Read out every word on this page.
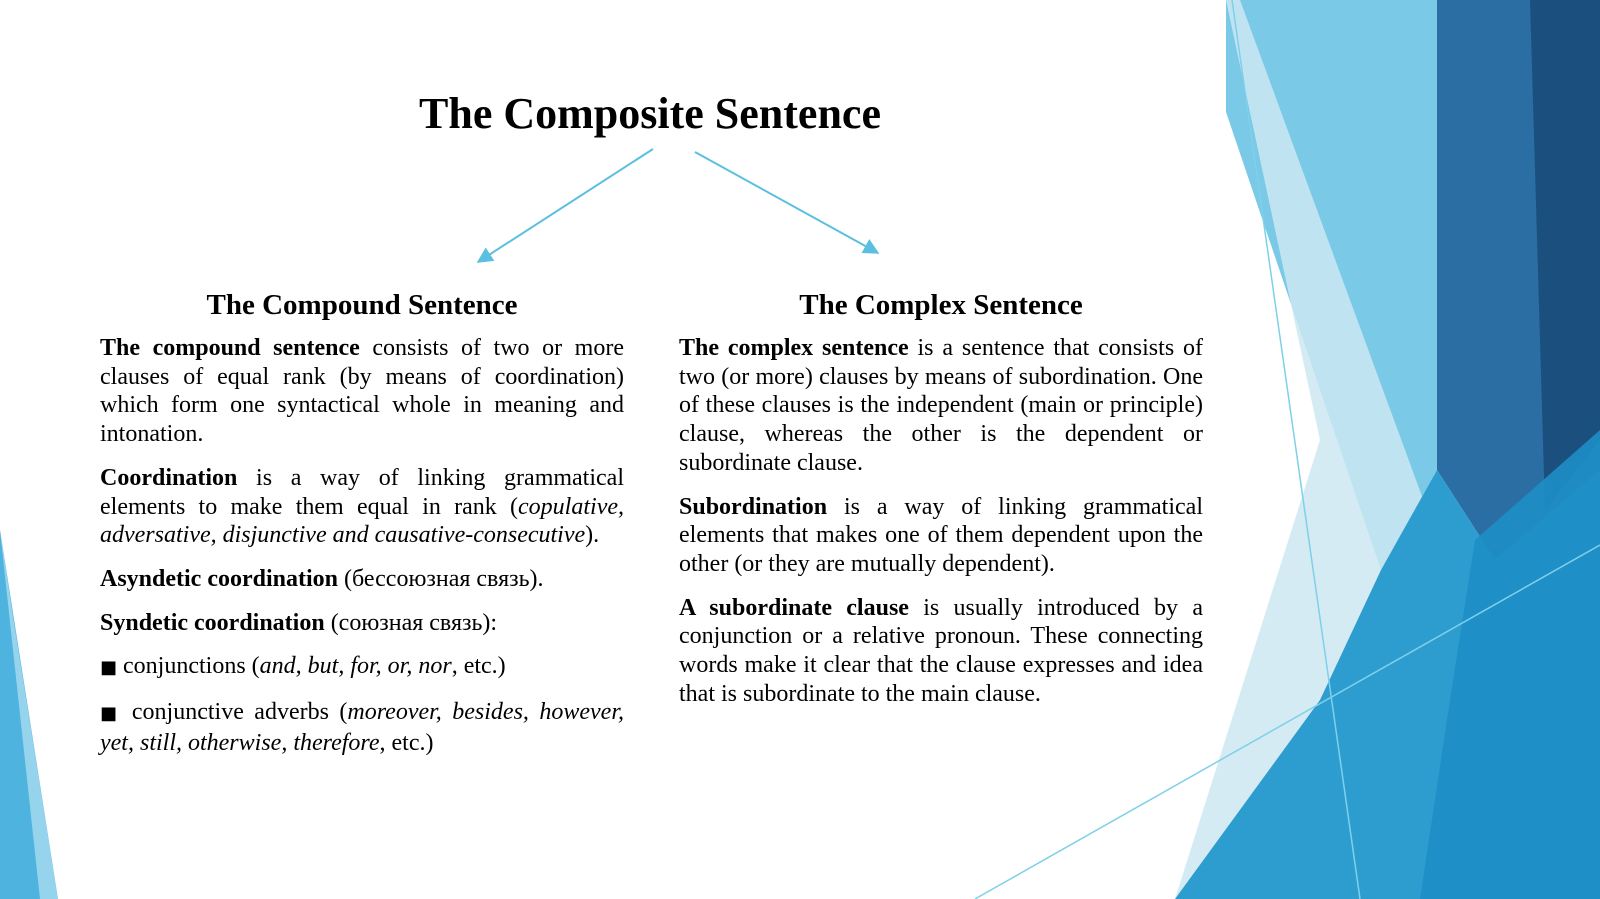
The Composite Sentence
The Compound Sentence

The compound sentence consists of two or more clauses of equal rank (by means of coordination) which form one syntactical whole in meaning and intonation.

Coordination is a way of linking grammatical elements to make them equal in rank (copulative, adversative, disjunctive and causative-consecutive).

Asyndetic coordination (бессоюзная связь).

Syndetic coordination (союзная связь):

■ conjunctions (and, but, for, or, nor, etc.)

■ conjunctive adverbs (moreover, besides, however, yet, still, otherwise, therefore, etc.)

The Complex Sentence

The complex sentence is a sentence that consists of two (or more) clauses by means of subordination. One of these clauses is the independent (main or principle) clause, whereas the other is the dependent or subordinate clause.

Subordination is a way of linking grammatical elements that makes one of them dependent upon the other (or they are mutually dependent).

A subordinate clause is usually introduced by a conjunction or a relative pronoun. These connecting words make it clear that the clause expresses and idea that is subordinate to the main clause.
